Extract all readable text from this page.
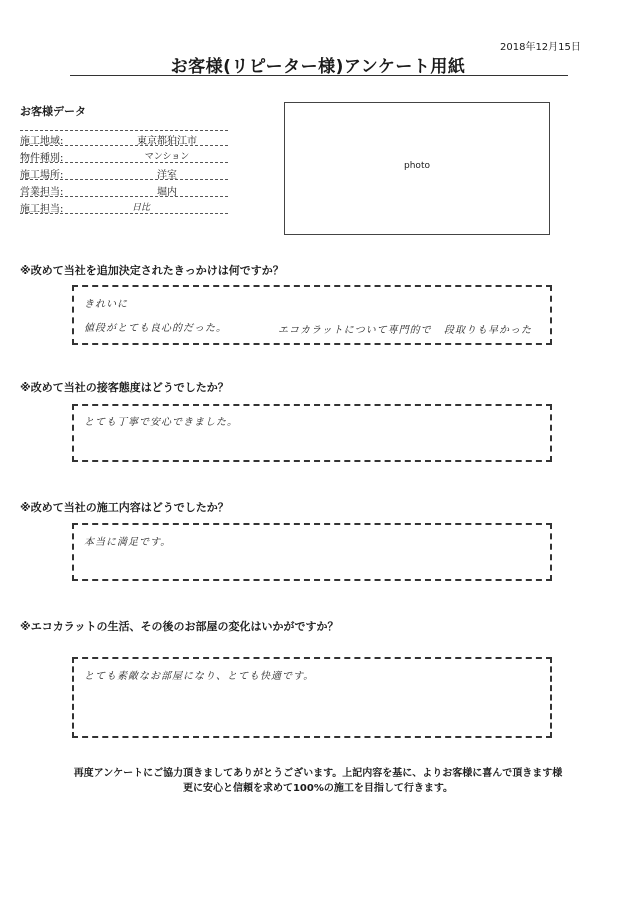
2018年12月15日
お客様(リピーター様)アンケート用紙
お客様データ
施工地域:	東京都狛江市
物件種別:	マンション
施工場所:	洋室
営業担当:	堀内
施工担当:	日比
photo
※改めて当社を追加決定されたきっかけは何ですか？
きれいに
値段がとても良心的だった。	エコカラットについて専門的で 段取りも早かった
※改めて当社の接客態度はどうでしたか？
とても丁寧で安心できました。
※改めて当社の施工内容はどうでしたか？
本当に満足です。
※エコカラットの生活、その後のお部屋の変化はいかがですか？
とても素敵なお部屋になり、とても快適です。
再度アンケートにご協力頂きましてありがとうございます。上記内容を基に、よりお客様に喜んで頂きます様
更に安心と信頼を求めて100%の施工を目指して行きます。
